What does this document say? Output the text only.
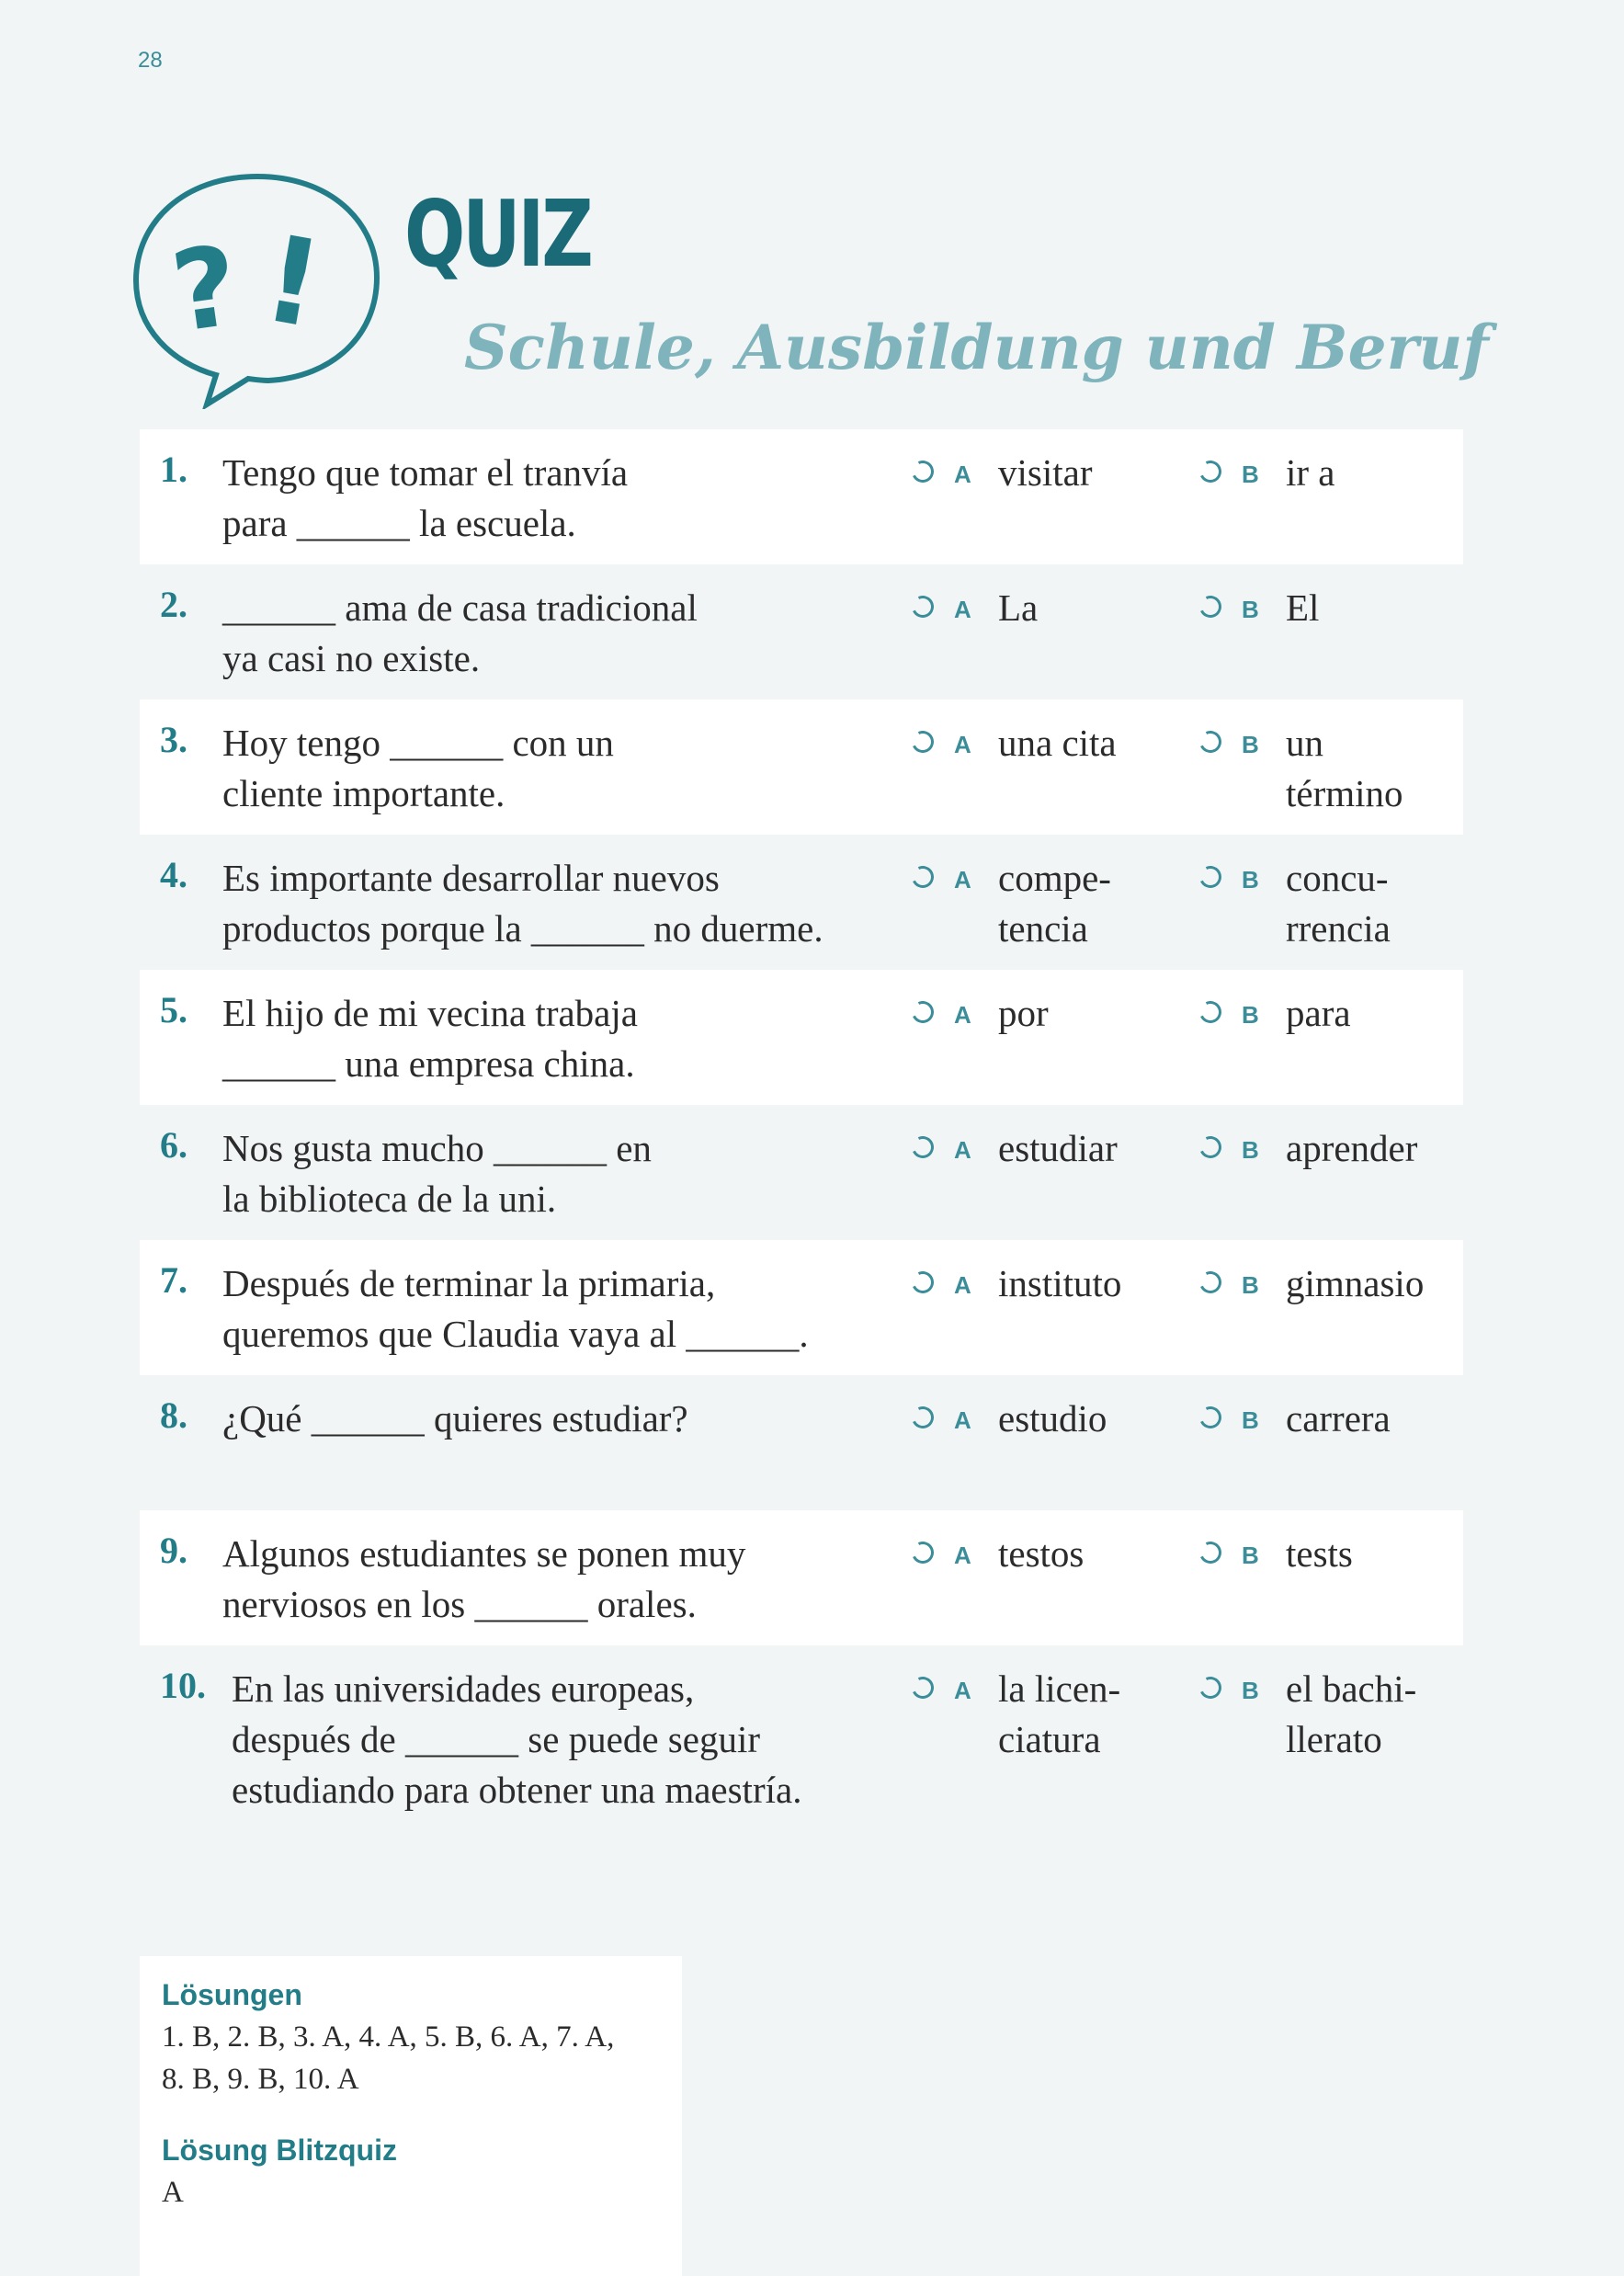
28
? ! QUIZ
Schule, Ausbildung und Beruf
1. Tengo que tomar el tranvía
para ______ la escuela.
A visitar	B ir a
2. ______ ama de casa tradicional
ya casi no existe.
A La	B El
3. Hoy tengo ______ con un
cliente importante.
A una cita	B un
término
4. Es importante desarrollar nuevos
productos porque la ______ no duerme.
A compe-
tencia
B concu-
rrencia
5. El hijo de mi vecina trabaja
______ una empresa china.
A por	B para
6. Nos gusta mucho ______ en
la biblioteca de la uni.
A estudiar	B aprender
7. Después de terminar la primaria,
queremos que Claudia vaya al ______.
A instituto	B gimnasio
8. ¿Qué ______ quieres estudiar?	A estudio	B carrera
9. Algunos estudiantes se ponen muy
nerviosos en los ______ orales.
A testos	B tests
10. En las universidades europeas,
después de ______ se puede seguir
estudiando para obtener una maestría.
A la licen-
ciatura
B el bachi-
llerato

Lösungen

1. B, 2. B, 3. A, 4. A, 5. B, 6. A, 7. A,
8. B, 9. B, 10. A

Lösung Blitzquiz

A
